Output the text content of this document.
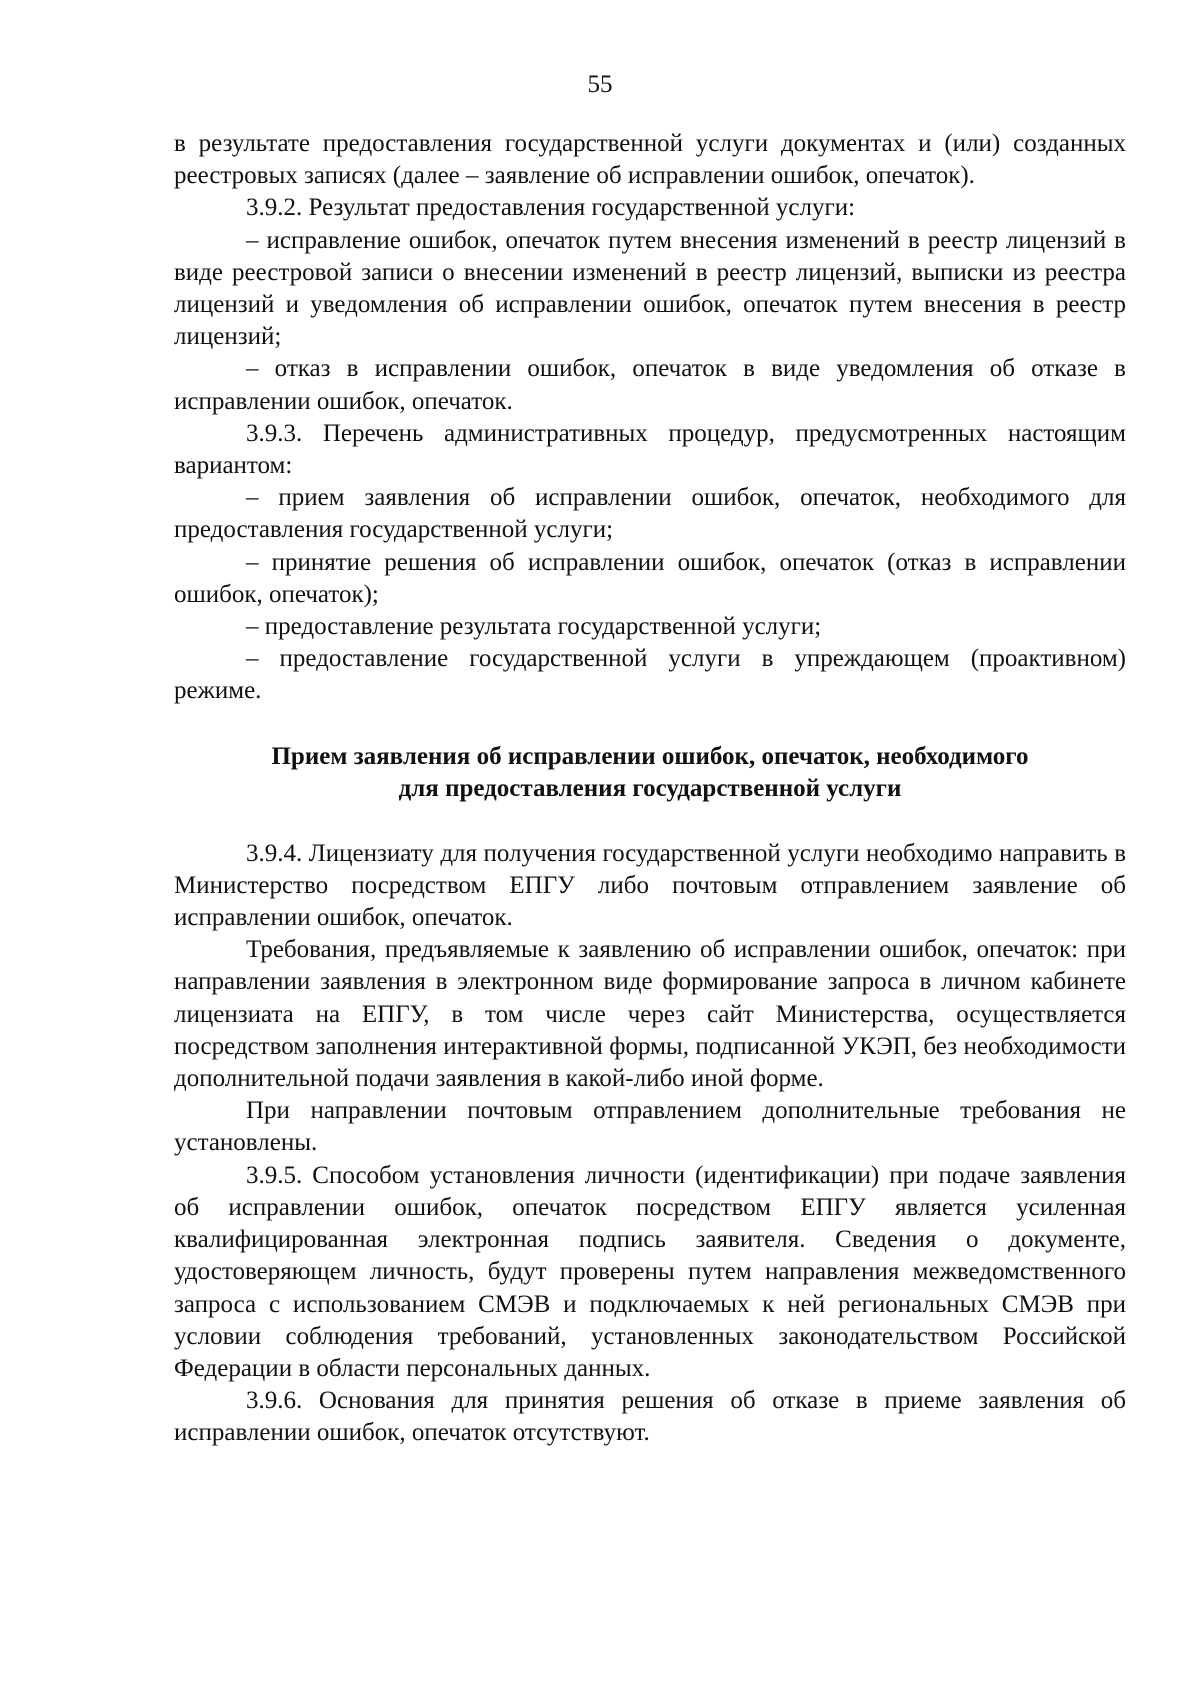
55

в результате предоставления государственной услуги документах и (или) созданных реестровых записях (далее – заявление об исправлении ошибок, опечаток).

3.9.2. Результат предоставления государственной услуги:

– исправление ошибок, опечаток путем внесения изменений в реестр лицензий в виде реестровой записи о внесении изменений в реестр лицензий, выписки из реестра лицензий и уведомления об исправлении ошибок, опечаток путем внесения в реестр лицензий;

– отказ в исправлении ошибок, опечаток в виде уведомления об отказе в исправлении ошибок, опечаток.

3.9.3. Перечень административных процедур, предусмотренных настоящим вариантом:

– прием заявления об исправлении ошибок, опечаток, необходимого для предоставления государственной услуги;

– принятие решения об исправлении ошибок, опечаток (отказ в исправлении ошибок, опечаток);

– предоставление результата государственной услуги;

– предоставление государственной услуги в упреждающем (проактивном) режиме.

Прием заявления об исправлении ошибок, опечаток, необходимого
для предоставления государственной услуги

3.9.4. Лицензиату для получения государственной услуги необходимо направить в Министерство посредством ЕПГУ либо почтовым отправлением заявление об исправлении ошибок, опечаток.

Требования, предъявляемые к заявлению об исправлении ошибок, опечаток: при направлении заявления в электронном виде формирование запроса в личном кабинете лицензиата на ЕПГУ, в том числе через сайт Министерства, осуществляется посредством заполнения интерактивной формы, подписанной УКЭП, без необходимости дополнительной подачи заявления в какой-либо иной форме.

При направлении почтовым отправлением дополнительные требования не установлены.

3.9.5. Способом установления личности (идентификации) при подаче заявления об исправлении ошибок, опечаток посредством ЕПГУ является усиленная квалифицированная электронная подпись заявителя. Сведения о документе, удостоверяющем личность, будут проверены путем направления межведомственного запроса с использованием СМЭВ и подключаемых к ней региональных СМЭВ при условии соблюдения требований, установленных законодательством Российской Федерации в области персональных данных.

3.9.6. Основания для принятия решения об отказе в приеме заявления об исправлении ошибок, опечаток отсутствуют.
